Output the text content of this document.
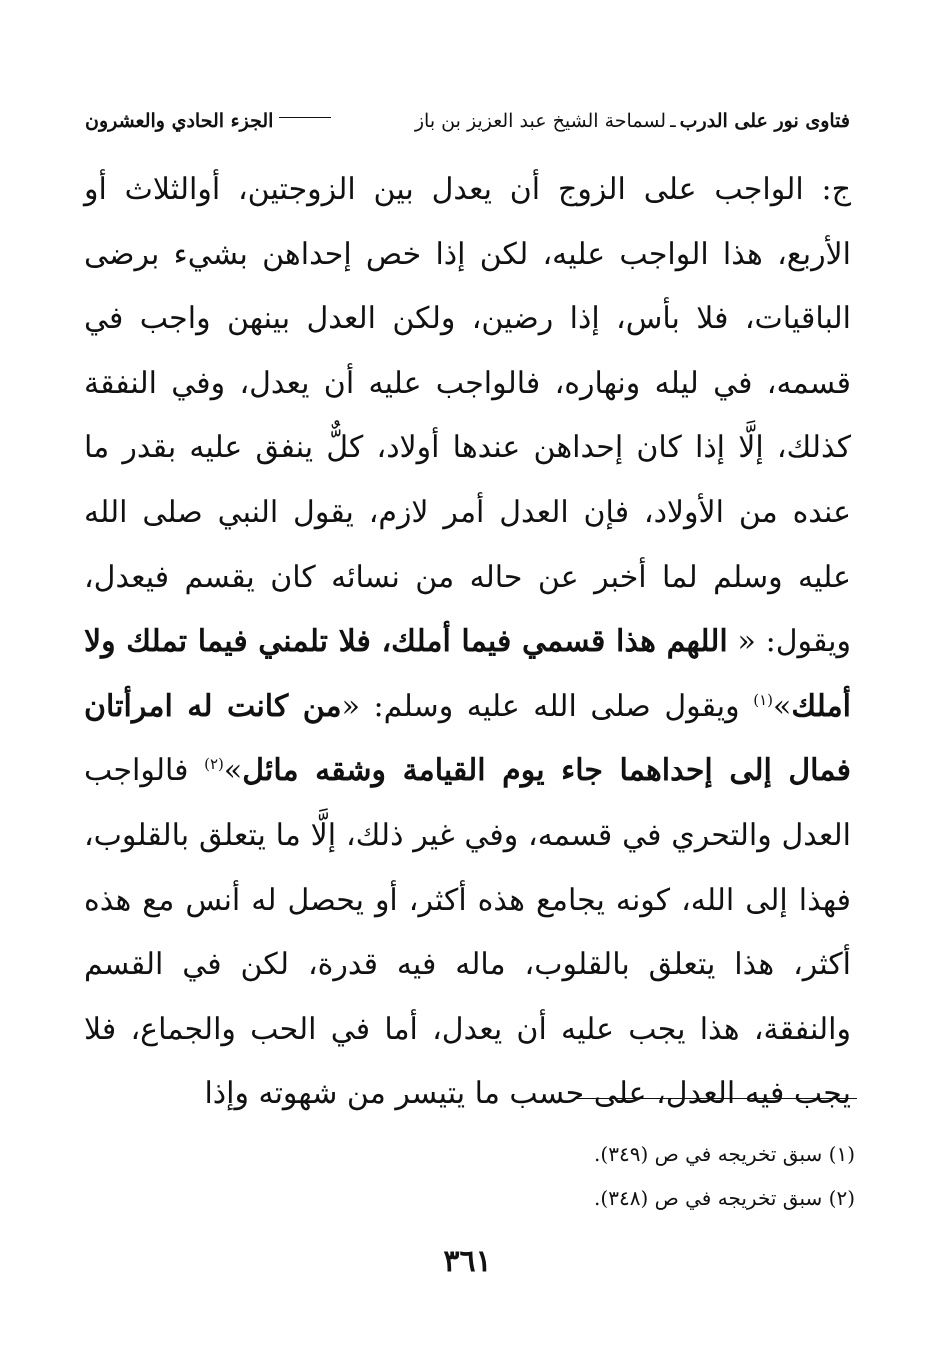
فتاوى نور على الدرب
ـ
لسماحة الشيخ عبد العزيز بن باز
الجزء الحادي والعشرون

ج: الواجب على الزوج أن يعدل بين الزوجتين، أوالثلاث أو الأربع، هذا الواجب عليه، لكن إذا خص إحداهن بشيء برضى الباقيات، فلا بأس، إذا رضين، ولكن العدل بينهن واجب في قسمه، في ليله ونهاره، فالواجب عليه أن يعدل، وفي النفقة كذلك، إلَّا إذا كان إحداهن عندها أولاد، كلٌّ ينفق عليه بقدر ما عنده من الأولاد، فإن العدل أمر لازم، يقول النبي صلى الله عليه وسلم لما أخبر عن حاله من نسائه كان يقسم فيعدل، ويقول: « اللهم هذا قسمي فيما أملك، فلا تلمني فيما تملك ولا أملك»$^{(١)}$ ويقول صلى الله عليه وسلم: «من كانت له امرأتان فمال إلى إحداهما جاء يوم القيامة وشقه مائل»$^{(٢)}$ فالواجب العدل والتحري في قسمه، وفي غير ذلك، إلَّا ما يتعلق بالقلوب، فهذا إلى الله، كونه يجامع هذه أكثر، أو يحصل له أنس مع هذه أكثر، هذا يتعلق بالقلوب، ماله فيه قدرة، لكن في القسم والنفقة، هذا يجب عليه أن يعدل، أما في الحب والجماع، فلا يجب فيه العدل، على حسب ما يتيسر من شهوته وإذا

(١) سبق تخريجه في ص (٣٤٩).

(٢) سبق تخريجه في ص (٣٤٨).

٣٦١
